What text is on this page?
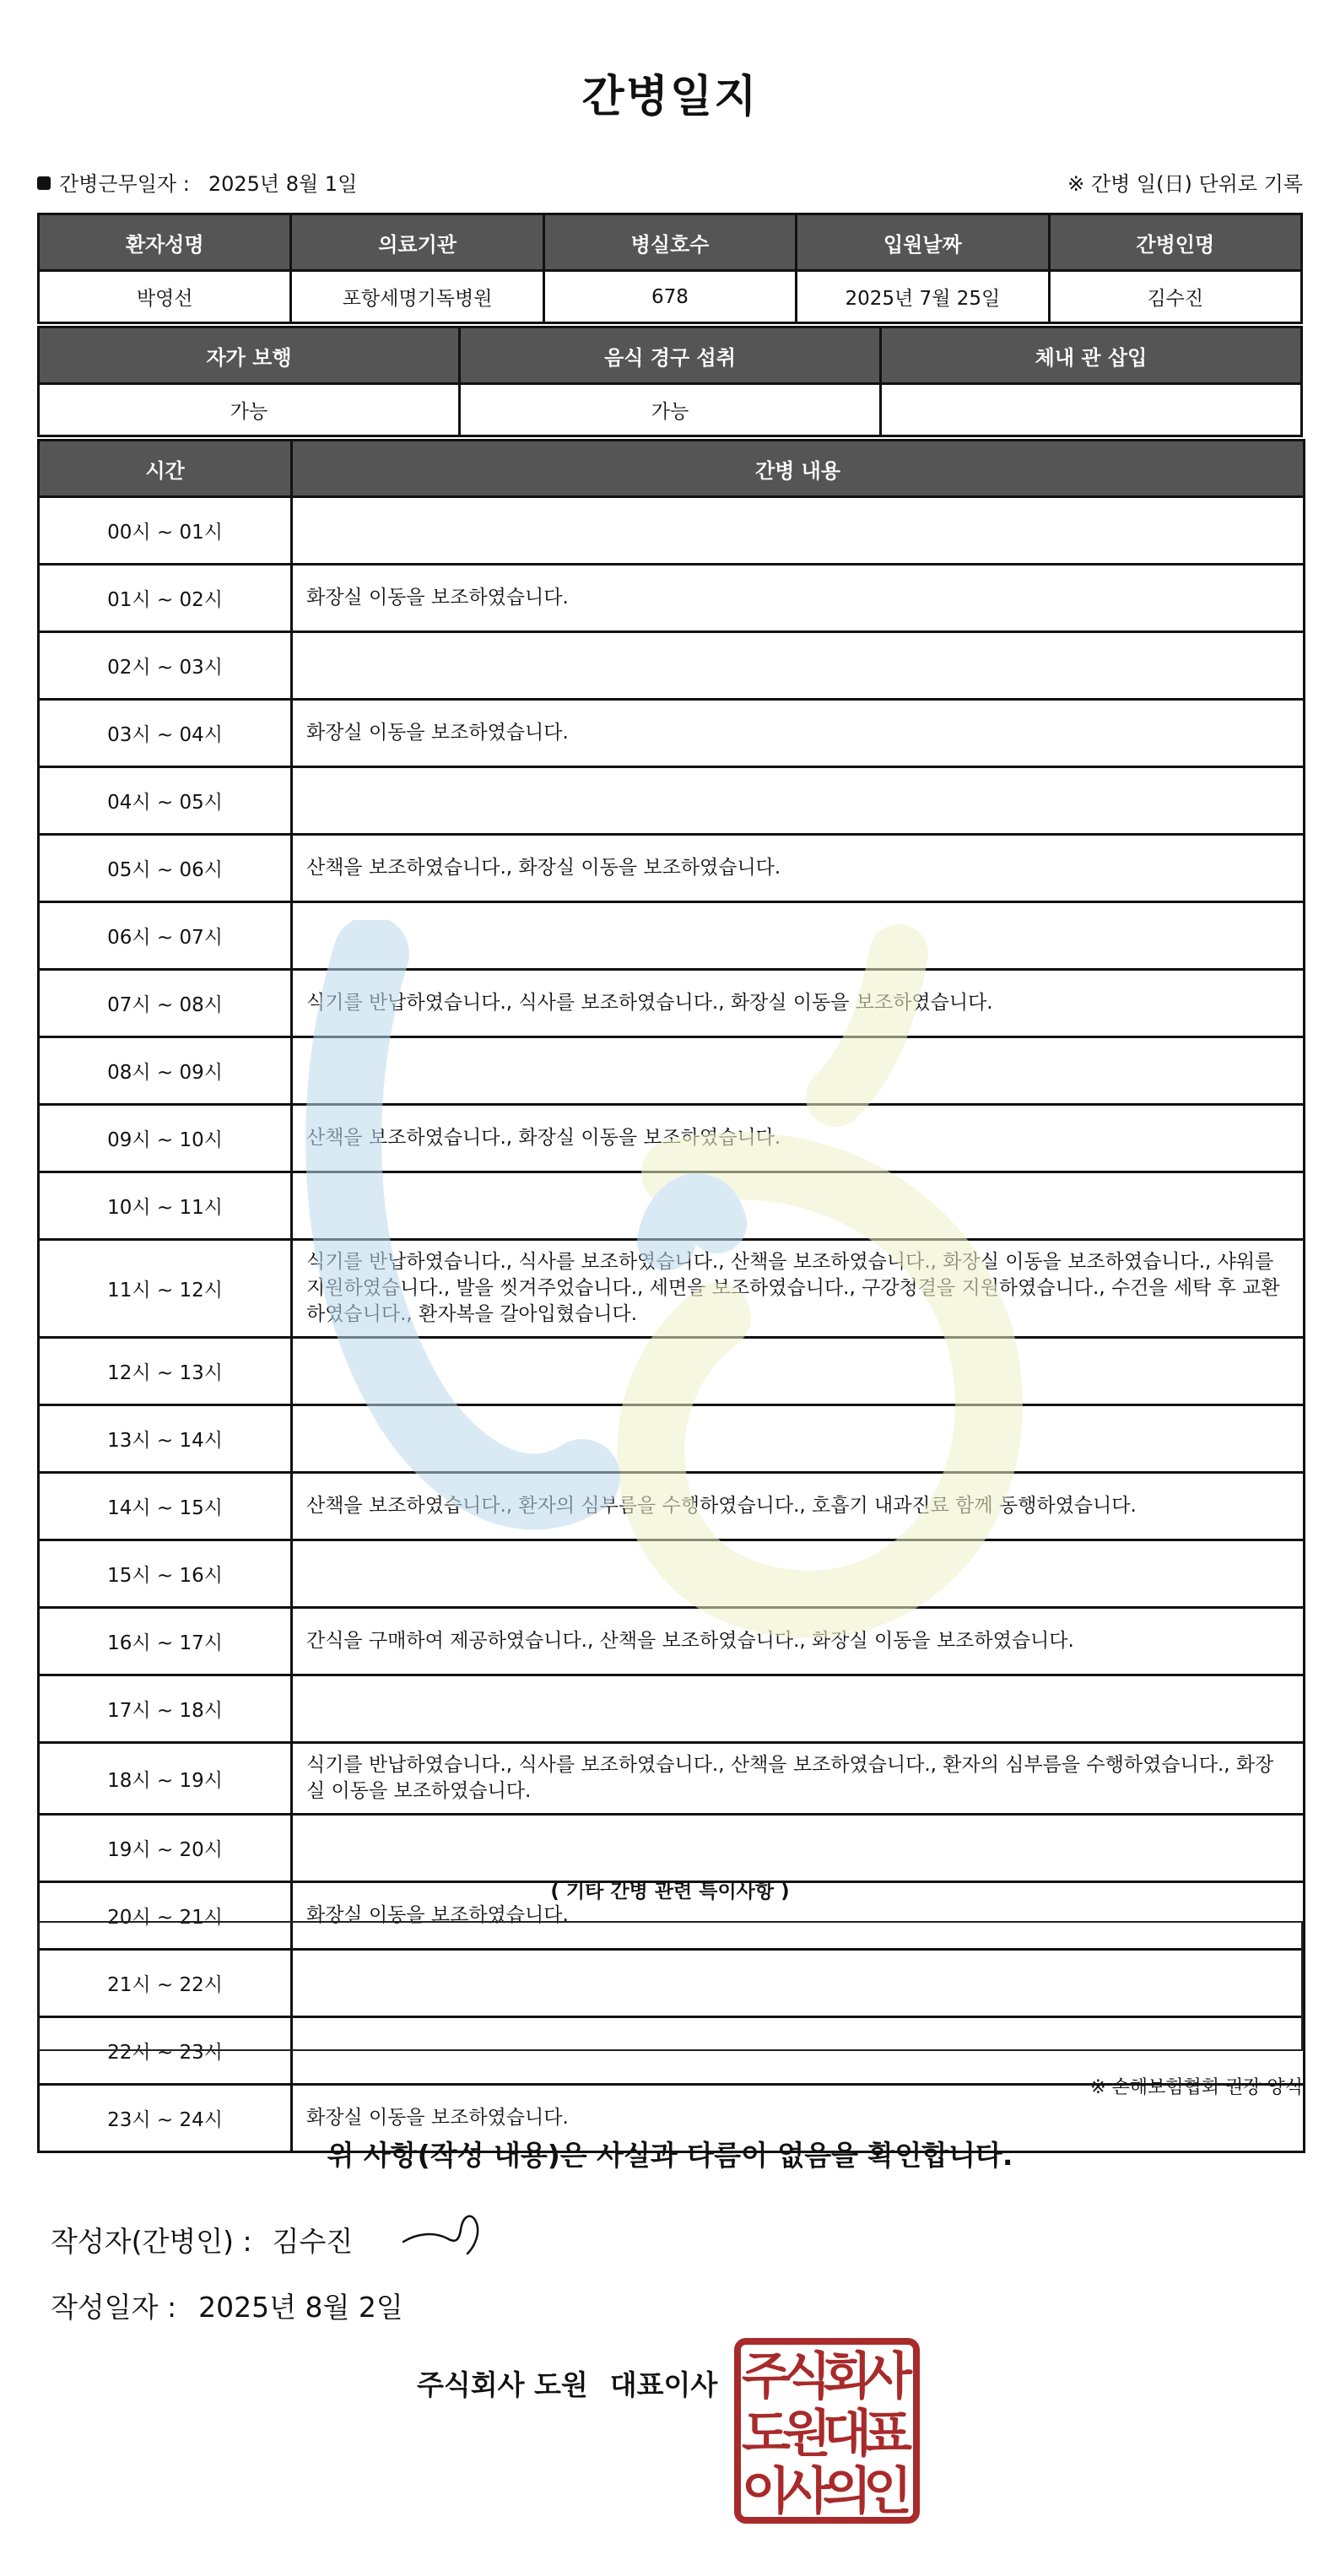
간병일지
간병근무일자 : 2025년 8월 1일	※ 간병 일(日) 단위로 기록
환자성명	의료기관	병실호수	입원날짜	간병인명
박영선	포항세명기독병원	678	2025년 7월 25일	김수진
자가 보행	음식 경구 섭취	체내 관 삽입
가능	가능	
시간	간병 내용
00시 ~ 01시	
01시 ~ 02시	화장실 이동을 보조하였습니다.
02시 ~ 03시	
03시 ~ 04시	화장실 이동을 보조하였습니다.
04시 ~ 05시	
05시 ~ 06시	산책을 보조하였습니다., 화장실 이동을 보조하였습니다.
06시 ~ 07시	
07시 ~ 08시	식기를 반납하였습니다., 식사를 보조하였습니다., 화장실 이동을 보조하였습니다.
08시 ~ 09시	
09시 ~ 10시	산책을 보조하였습니다., 화장실 이동을 보조하였습니다.
10시 ~ 11시	
11시 ~ 12시	식기를 반납하였습니다., 식사를 보조하였습니다., 산책을 보조하였습니다., 화장실 이동을 보조하였습니다., 샤워를 지원하였습니다., 발을 씻겨주었습니다., 세면을 보조하였습니다., 구강청결을 지원하였습니다., 수건을 세탁 후 교환하였습니다., 환자복을 갈아입혔습니다.
12시 ~ 13시	
13시 ~ 14시	
14시 ~ 15시	산책을 보조하였습니다., 환자의 심부름을 수행하였습니다., 호흡기 내과진료 함께 동행하였습니다.
15시 ~ 16시	
16시 ~ 17시	간식을 구매하여 제공하였습니다., 산책을 보조하였습니다., 화장실 이동을 보조하였습니다.
17시 ~ 18시	
18시 ~ 19시	식기를 반납하였습니다., 식사를 보조하였습니다., 산책을 보조하였습니다., 환자의 심부름을 수행하였습니다., 화장실 이동을 보조하였습니다.
19시 ~ 20시	
20시 ~ 21시	화장실 이동을 보조하였습니다.
21시 ~ 22시	
22시 ~ 23시	
23시 ~ 24시	화장실 이동을 보조하였습니다.
( 기타 간병 관련 특이사항 )
※ 손해보험협회 권장 양식
위 사항(작성 내용)은 사실과 다름이 없음을 확인합니다.
작성자(간병인) : 김수진
작성일자 : 2025년 8월 2일
주식회사 도원 대표이사 주
식
회
사
도
원
대
표
이
사
의
인
